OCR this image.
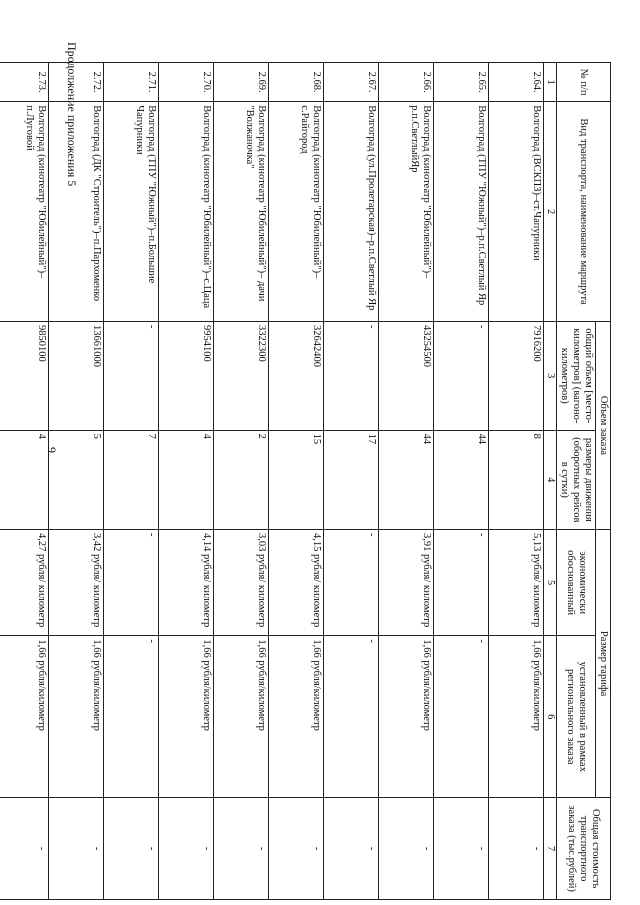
9
Продолжение приложения 5	№ п/п	Вид транспорта, наименование маршрута	Объем заказа		Размер тарифа		Общая стоимость транспортного заказа (тыс.рублей)
		общий объем [место-километров] (вагоно-километров)	размеры движения (оборотных рейсов в сутки)	экономически обоснованный	установленный в рамках регионального заказа	
1	2	3	4	5	6	7
2.64.	Волгоград (ВСКПЗ)–ст.Чапурники	7916200	8	5,13 рубля/ километр	1,66 рубля/километр	-
2.65.	Волгоград (ТПУ "Южный")–р.п.Светлый Яр	-	44	-	-	-
2.66.	Волгоград (кинотеатр "Юбилейный")– р.п.СветлыйЯр	43254500	44	3,91 рубля/ километр	1,66 рубля/километр	-
2.67.	Волгоград (ул.Пролетарская)–р.п.Светлый Яр	-	17	-	-	-
2.68.	Волгоград (кинотеатр "Юбилейный")– с.Райгород	32642400	15	4,15 рубля/ километр	1,66 рубля/километр	-
2.69.	Волгоград (кинотеатр "Юбилейный")– дачи "Волжаночка"	3322300	2	3,03 рубля/ километр	1,66 рубля/километр	-
2.70.	Волгоград (кинотеатр "Юбилейный")–с.Цаца	9954100	4	4,14 рубля/ километр	1,66 рубля/километр	-
2.71.	Волгоград (ТПУ "Южный")–п.Большие Чапурники	-	7	-	-	-
2.72.	Волгоград (ДК "Строитель")–п.Пархоменко	13661000	5	3,42 рубля/ километр	1,66 рубля/километр	-
2.73.	Волгоград (кинотеатр "Юбилейный")– п.Луговой	9850100	4	4,27 рубля/ километр	1,66 рубля/километр	-
